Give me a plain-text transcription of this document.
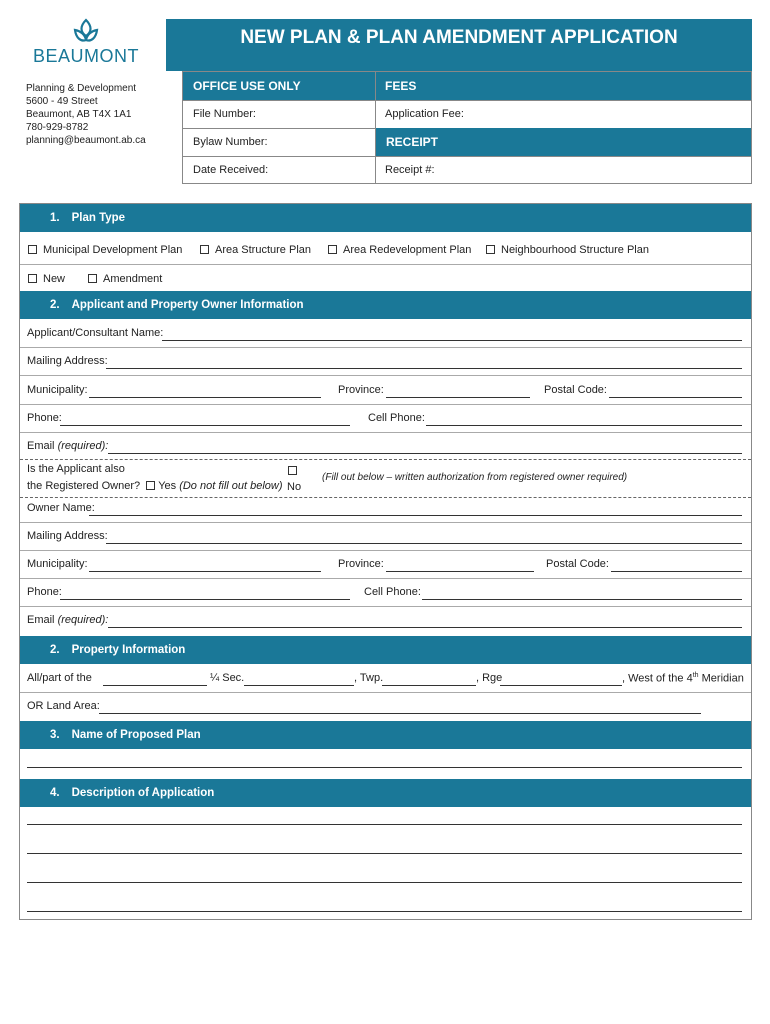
BEAUMONT
NEW PLAN & PLAN AMENDMENT APPLICATION
Planning & Development
5600 - 49 Street
Beaumont, AB T4X 1A1
780-929-8782
planning@beaumont.ab.ca
OFFICE USE ONLY	FEES
File Number:	Application Fee:
Bylaw Number:	RECEIPT
Date Received:	Receipt #:
1. Plan Type
Municipal Development Plan	Area Structure Plan	Area Redevelopment Plan	Neighbourhood Structure Plan
New	Amendment
2. Applicant and Property Owner Information
Applicant/Consultant Name:
Mailing Address:
Municipality:	Province:	Postal Code:
Phone:	Cell Phone:
Email (required):
Is the Applicant also
the Registered Owner? Yes (Do not fill out below) No
(Fill out below – written authorization from registered owner required)
Owner Name:
Mailing Address:
Municipality:	Province:	Postal Code:
Phone:	Cell Phone:
Email (required):
2. Property Information
All/part of the	¼ Sec.	, Twp.	, Rge	, West of the 4th Meridian
OR Land Area:
3. Name of Proposed Plan
4. Description of Application
